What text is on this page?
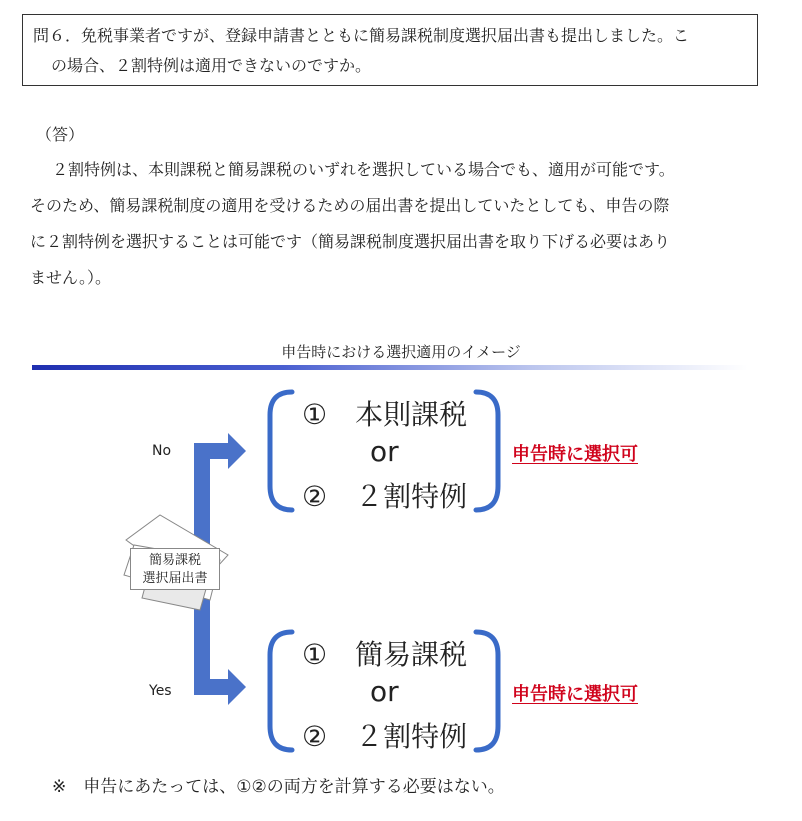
問６．免税事業者ですが、登録申請書とともに簡易課税制度選択届出書も提出しました。こ
の場合、２割特例は適用できないのですか。
（答）
２割特例は、本則課税と簡易課税のいずれを選択している場合でも、適用が可能です。
そのため、簡易課税制度の適用を受けるための届出書を提出していたとしても、申告の際
に２割特例を選択することは可能です（簡易課税制度選択届出書を取り下げる必要はあり
ません。）。
申告時における選択適用のイメージ
簡易課税
選択届出書
No
Yes
①　本則課税
or
②　２割特例
申告時に選択可
①　簡易課税
or
②　２割特例
申告時に選択可
※　申告にあたっては、①②の両方を計算する必要はない。
